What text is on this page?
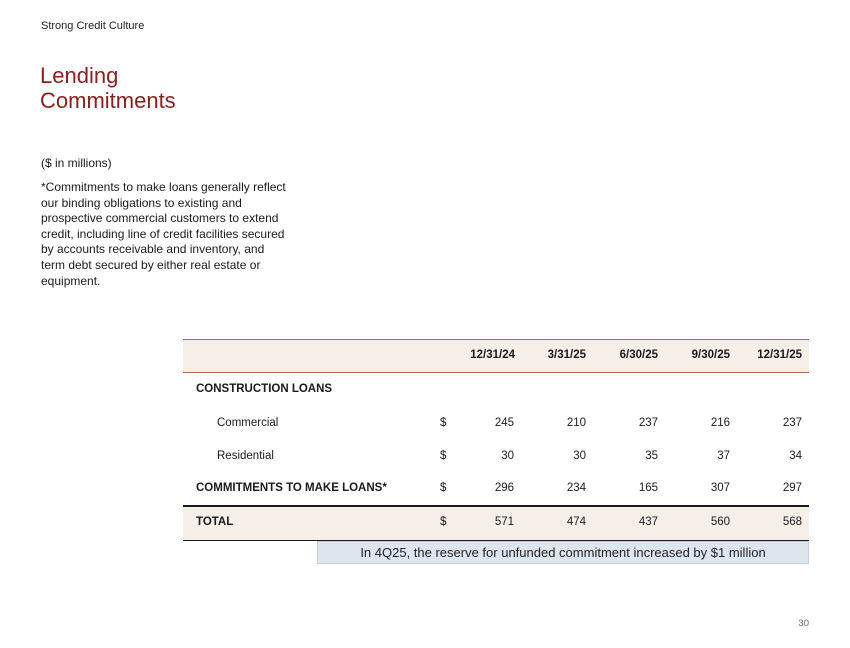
Strong Credit Culture
Lending
Commitments
($ in millions)
*Commitments to make loans generally reflect our binding obligations to existing and prospective commercial customers to extend credit, including line of credit facilities secured by accounts receivable and inventory, and term debt secured by either real estate or equipment.
12/31/24	3/31/25	6/30/25	9/30/25	12/31/25
CONSTRUCTION LOANS
Commercial	$	245	210	237	216	237
Residential	$	30	30	35	37	34
COMMITMENTS TO MAKE LOANS*	$	296	234	165	307	297
TOTAL	$	571	474	437	560	568
In 4Q25, the reserve for unfunded commitment increased by $1 million
30
